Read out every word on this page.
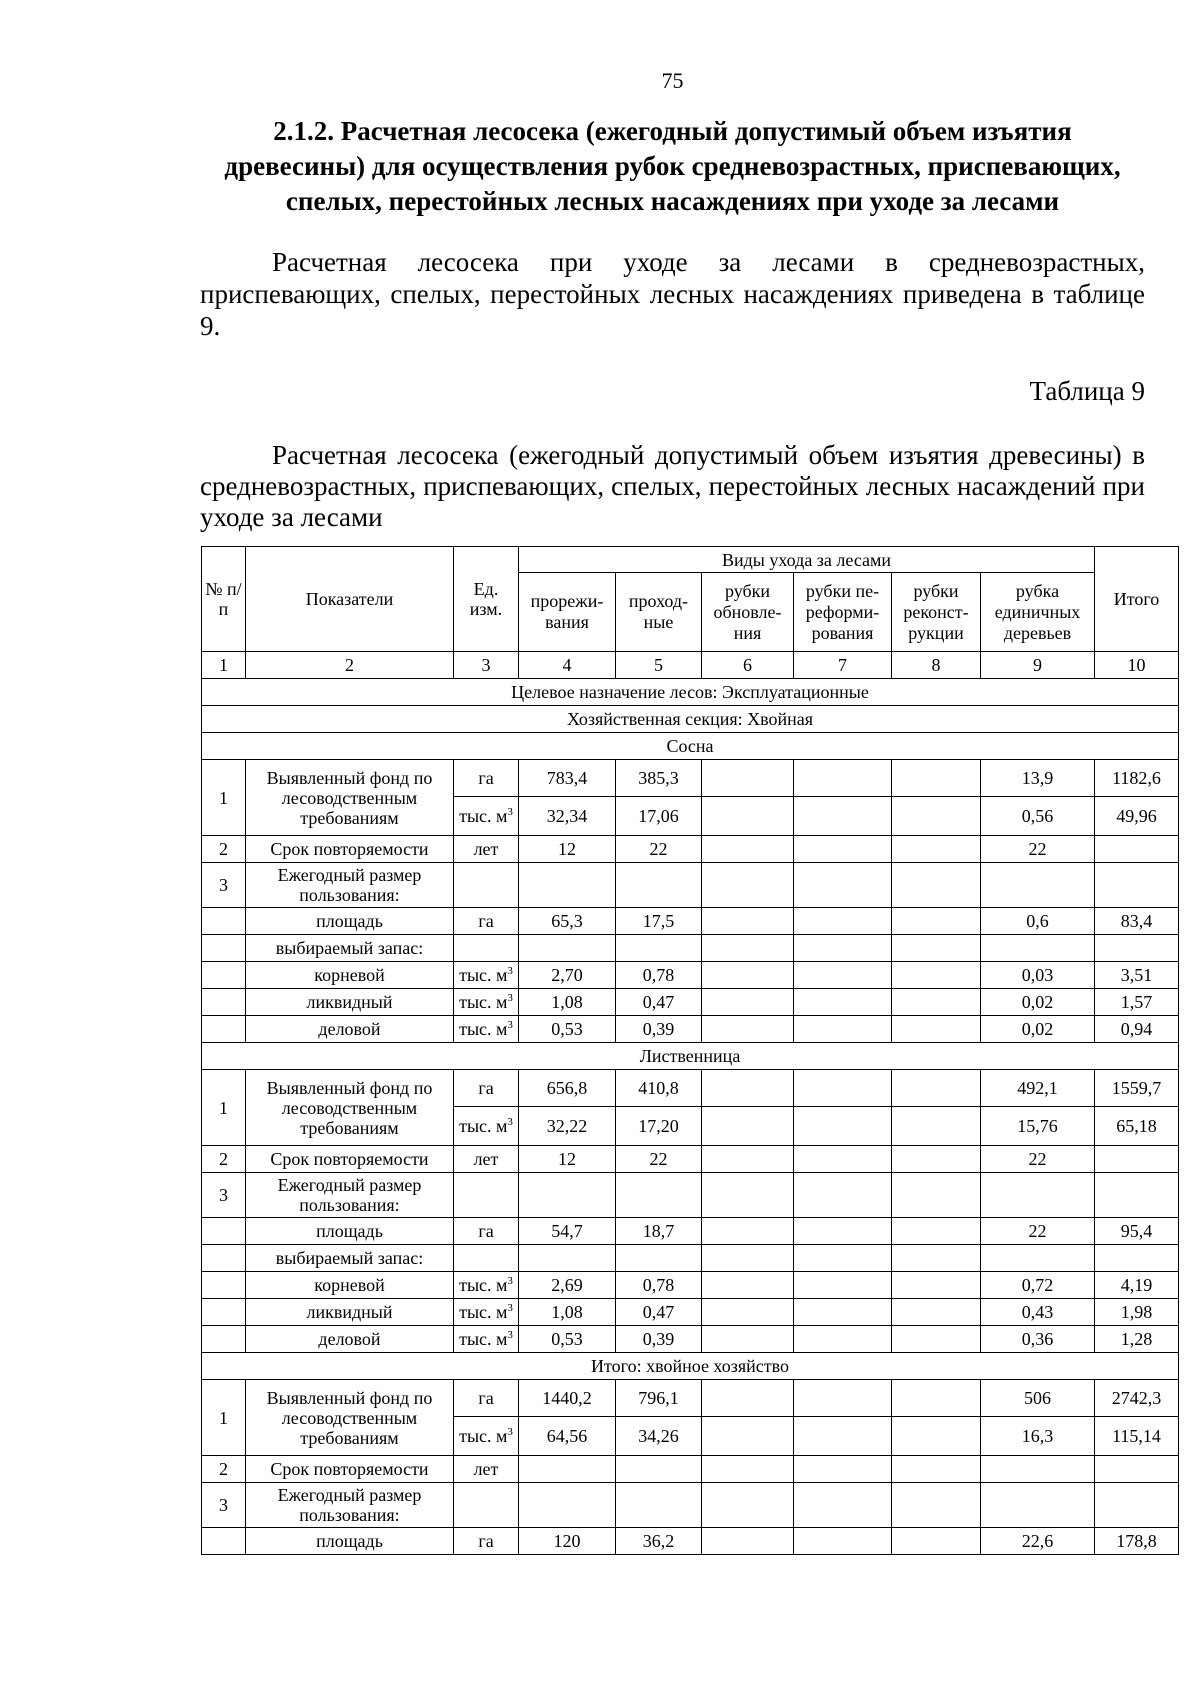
75
2.1.2. Расчетная лесосека (ежегодный допустимый объем изъятия древесины) для осуществления рубок средневозрастных, приспевающих, спелых, перестойных лесных насаждениях при уходе за лесами
Расчетная лесосека при уходе за лесами в средневозрастных, приспевающих, спелых, перестойных лесных насаждениях приведена в таблице 9.
Таблица 9
Расчетная лесосека (ежегодный допустимый объем изъятия древесины) в средневозрастных, приспевающих, спелых, перестойных лесных насаждений при уходе за лесами
№ п/п	Показатели	Ед. изм.	Виды ухода за лесами						Итого
			прорежи-вания	проход-ные	рубки обновле-ния	рубки пе-реформи-рования	рубки реконст-рукции	рубка единичных деревьев	
1	2	3	4	5	6	7	8	9	10
Целевое назначение лесов: Эксплуатационные									
Хозяйственная секция: Хвойная									
Сосна									
1	Выявленный фонд по лесоводственным требованиям	га	783,4	385,3				13,9	1182,6
		тыс. $м^3$	32,34	17,06				0,56	49,96
2	Срок повторяемости	лет	12	22				22	
3	Ежегодный размер пользования:								
	площадь	га	65,3	17,5				0,6	83,4
	выбираемый запас:								
	корневой	тыс. $м^3$	2,70	0,78				0,03	3,51
	ликвидный	тыс. $м^3$	1,08	0,47				0,02	1,57
	деловой	тыс. $м^3$	0,53	0,39				0,02	0,94
Лиственница									
1	Выявленный фонд по лесоводственным требованиям	га	656,8	410,8				492,1	1559,7
		тыс. $м^3$	32,22	17,20				15,76	65,18
2	Срок повторяемости	лет	12	22				22	
3	Ежегодный размер пользования:								
	площадь	га	54,7	18,7				22	95,4
	выбираемый запас:								
	корневой	тыс. $м^3$	2,69	0,78				0,72	4,19
	ликвидный	тыс. $м^3$	1,08	0,47				0,43	1,98
	деловой	тыс. $м^3$	0,53	0,39				0,36	1,28
Итого: хвойное хозяйство									
1	Выявленный фонд по лесоводственным требованиям	га	1440,2	796,1				506	2742,3
		тыс. $м^3$	64,56	34,26				16,3	115,14
2	Срок повторяемости	лет							
3	Ежегодный размер пользования:								
	площадь	га	120	36,2				22,6	178,8
